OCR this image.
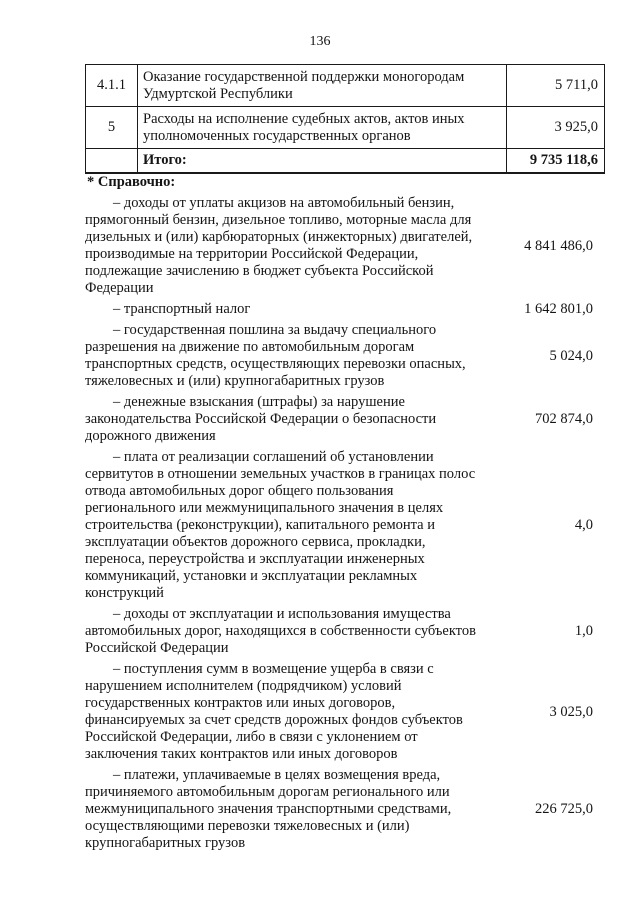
136
4.1.1	Оказание государственной поддержки моногородам Удмуртской Республики	5 711,0
5	Расходы на исполнение судебных актов, актов иных уполномоченных государственных органов	3 925,0
	Итого:	9 735 118,6
* Справочно:
– доходы от уплаты акцизов на автомобильный бензин,
прямогонный бензин, дизельное топливо, моторные масла для
дизельных и (или) карбюраторных (инжекторных) двигателей,
производимые на территории Российской Федерации,
подлежащие зачислению в бюджет субъекта Российской
Федерации
4 841 486,0
– транспортный налог	1 642 801,0
– государственная пошлина за выдачу специального
разрешения на движение по автомобильным дорогам
транспортных средств, осуществляющих перевозки опасных,
тяжеловесных и (или) крупногабаритных грузов
5 024,0
– денежные взыскания (штрафы) за нарушение
законодательства Российской Федерации о безопасности
дорожного движения
702 874,0
– плата от реализации соглашений об установлении
сервитутов в отношении земельных участков в границах полос
отвода автомобильных дорог общего пользования
регионального или межмуниципального значения в целях
строительства (реконструкции), капитального ремонта и
эксплуатации объектов дорожного сервиса, прокладки,
переноса, переустройства и эксплуатации инженерных
коммуникаций, установки и эксплуатации рекламных
конструкций
4,0
– доходы от эксплуатации и использования имущества
автомобильных дорог, находящихся в собственности субъектов
Российской Федерации
1,0
– поступления сумм в возмещение ущерба в связи с
нарушением исполнителем (подрядчиком) условий
государственных контрактов или иных договоров,
финансируемых за счет средств дорожных фондов субъектов
Российской Федерации, либо в связи с уклонением от
заключения таких контрактов или иных договоров
3 025,0
– платежи, уплачиваемые в целях возмещения вреда,
причиняемого автомобильным дорогам регионального или
межмуниципального значения транспортными средствами,
осуществляющими перевозки тяжеловесных и (или)
крупногабаритных грузов
226 725,0
